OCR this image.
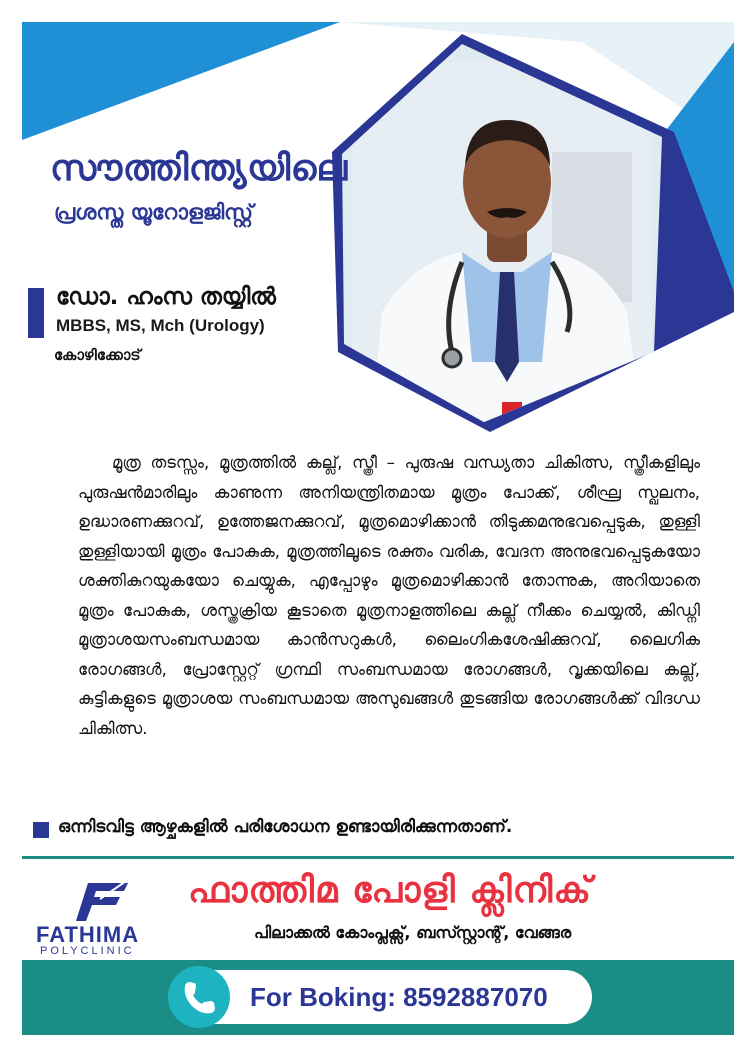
സൗത്തിന്ത്യയിലെ
പ്രശസ്ത യൂറോളജിസ്റ്റ്
ഡോ. ഹംസ തയ്യിൽ
MBBS, MS, Mch (Urology)
കോഴിക്കോട്
മൂത്ര തടസ്സം, മൂത്രത്തിൽ കല്ല്, സ്ത്രീ – പുരുഷ വന്ധ്യതാ ചികിത്സ, സ്ത്രീകളിലും പുരുഷൻമാരിലും കാണുന്ന അനിയന്ത്രിതമായ മൂത്രം പോക്ക്, ശീഘ്ര സ്ഖലനം, ഉദ്ധാരണക്കുറവ്, ഉത്തേജനക്കുറവ്, മൂത്രമൊഴിക്കാൻ തിടുക്കമനുഭവപ്പെടുക, തുള്ളി തുള്ളിയായി മൂത്രം പോകുക, മൂത്രത്തിലൂടെ രക്തം വരിക, വേദന അനുഭവപ്പെടുകയോ ശക്തികുറയുകയോ ചെയ്യുക, എപ്പോഴും മൂത്രമൊഴിക്കാൻ തോന്നുക, അറിയാതെ മൂത്രം പോകുക, ശസ്ത്രക്രിയ കൂടാതെ മൂത്രനാളത്തിലെ കല്ല് നീക്കം ചെയ്യൽ, കിഡ്നി മൂത്രാശയസംബന്ധമായ കാൻസറുകൾ, ലൈംഗികശേഷിക്കുറവ്, ലൈഗിക രോഗങ്ങൾ, പ്രോസ്റ്റേറ്റ് ഗ്രന്ഥി സംബന്ധമായ രോഗങ്ങൾ, വൃക്കയിലെ കല്ല്, കുട്ടികളുടെ മൂത്രാശയ സംബന്ധമായ അസുഖങ്ങൾ തുടങ്ങിയ രോഗങ്ങൾക്ക് വിദഗ്ധ ചികിത്സ.
ഒന്നിടവിട്ട ആഴ്ചകളിൽ പരിശോധന ഉണ്ടായിരിക്കുന്നതാണ്.
FATHIMA
POLYCLINIC
ഫാത്തിമ പോളി ക്ലിനിക്
പിലാക്കൽ കോംപ്ലക്സ്, ബസ്സ്റ്റാന്റ്, വേങ്ങര
For Boking: 8592887070
